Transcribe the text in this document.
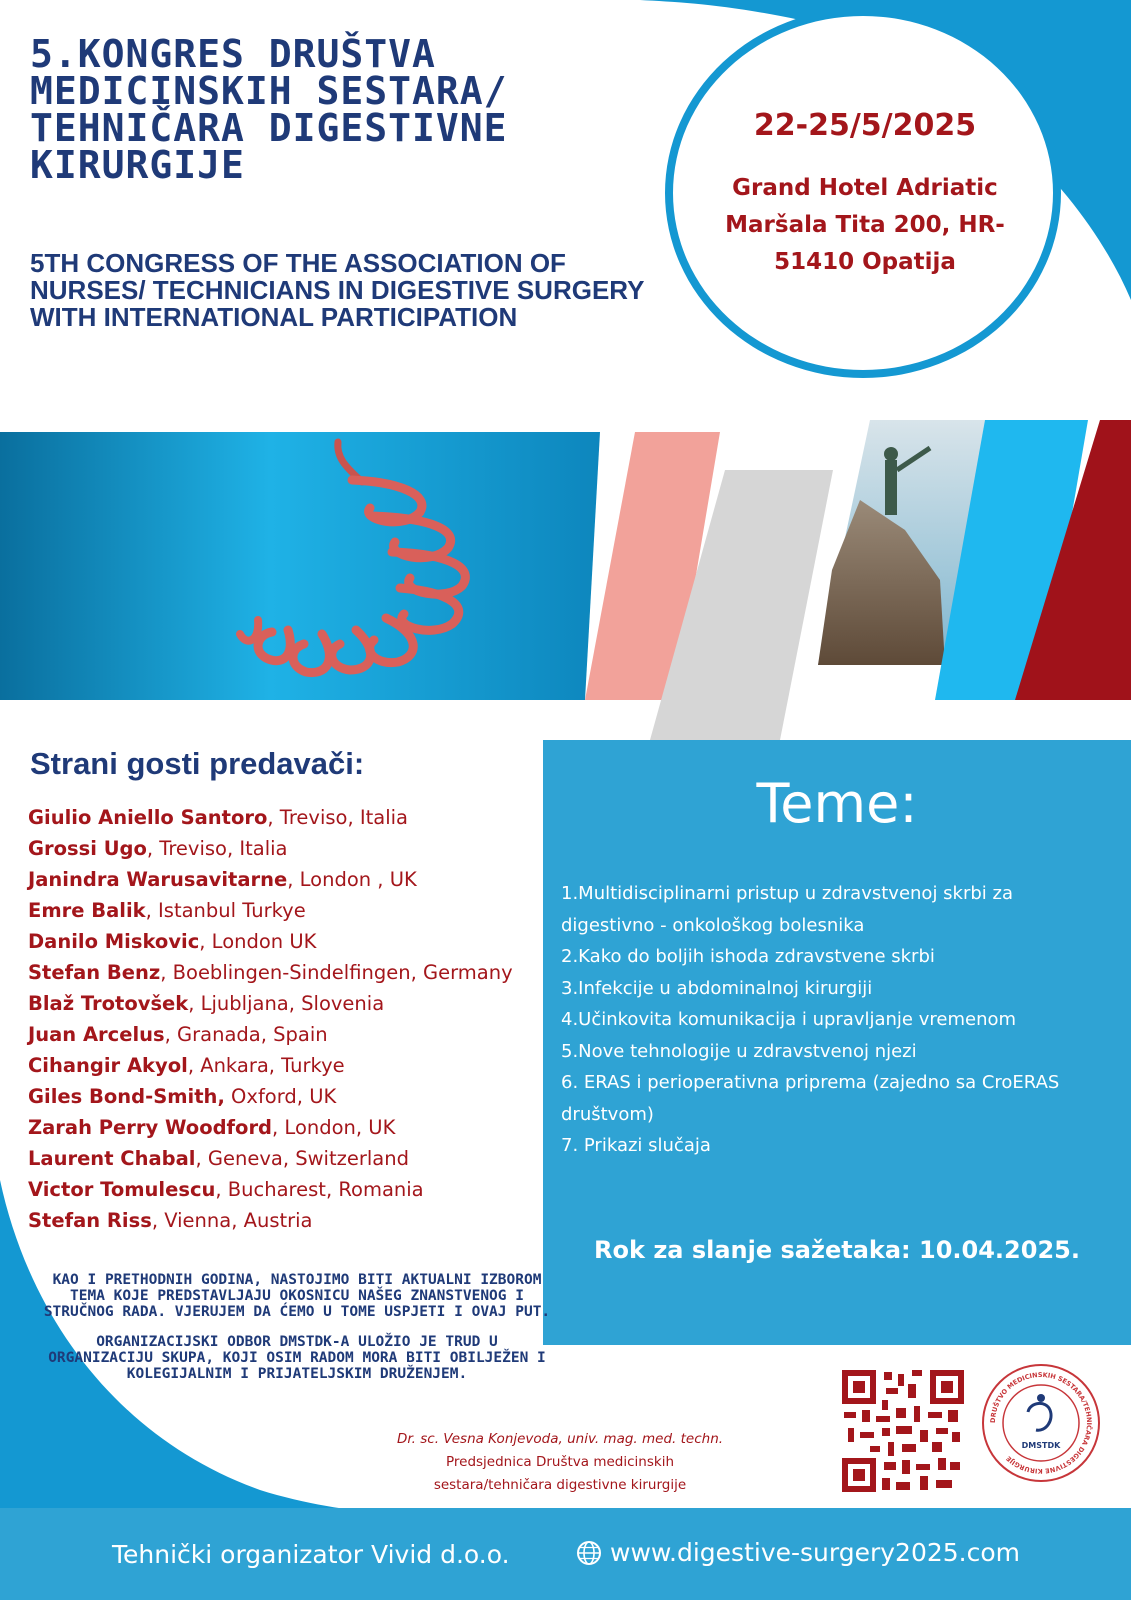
5.KONGRES DRUŠTVA
MEDICINSKIH SESTARA/
TEHNIČARA DIGESTIVNE
KIRURGIJE
5TH CONGRESS OF THE ASSOCIATION OF
NURSES/ TECHNICIANS IN DIGESTIVE SURGERY
WITH INTERNATIONAL PARTICIPATION

22-25/5/2025

Grand Hotel Adriatic
Maršala Tita 200, HR-
51410 Opatija

Strani gosti predavači:
Giulio Aniello Santoro, Treviso, Italia
Grossi Ugo, Treviso, Italia
Janindra Warusavitarne, London , UK
Emre Balik, Istanbul Turkye
Danilo Miskovic, London UK
Stefan Benz, Boeblingen-Sindelfingen, Germany
Blaž Trotovšek, Ljubljana, Slovenia
Juan Arcelus, Granada, Spain
Cihangir Akyol, Ankara, Turkye
Giles Bond-Smith, Oxford, UK
Zarah Perry Woodford, London, UK
Laurent Chabal, Geneva, Switzerland
Victor Tomulescu, Bucharest, Romania
Stefan Riss, Vienna, Austria
Teme:
1.Multidisciplinarni pristup u zdravstvenoj skrbi za digestivno - onkološkog bolesnika
2.Kako do boljih ishoda zdravstvene skrbi
3.Infekcije u abdominalnoj kirurgiji
4.Učinkovita komunikacija i upravljanje vremenom
5.Nove tehnologije u zdravstvenoj njezi
6. ERAS i perioperativna priprema (zajedno sa CroERAS društvom)
7. Prikazi slučaja

Rok za slanje sažetaka: 10.04.2025.

KAO I PRETHODNIH GODINA, NASTOJIMO BITI AKTUALNI IZBOROM TEMA KOJE PREDSTAVLJAJU OKOSNICU NAŠEG ZNANSTVENOG I STRUČNOG RADA. VJERUJEM DA ĆEMO U TOME USPJETI I OVAJ PUT.

ORGANIZACIJSKI ODBOR DMSTDK-A ULOŽIO JE TRUD U ORGANIZACIJU SKUPA, KOJI OSIM RADOM MORA BITI OBILJEŽEN I KOLEGIJALNIM I PRIJATELJSKIM DRUŽENJEM.

Dr. sc. Vesna Konjevoda, univ. mag. med. techn.
Predsjednica Društva medicinskih
sestara/tehničara digestivne kirurgije
DRUŠTVO MEDICINSKIH SESTARA/TEHNIČARA DIGESTIVNE KIRURGIJE
DMSTDK

Tehnički organizator Vivid d.o.o.	www.digestive-surgery2025.com
